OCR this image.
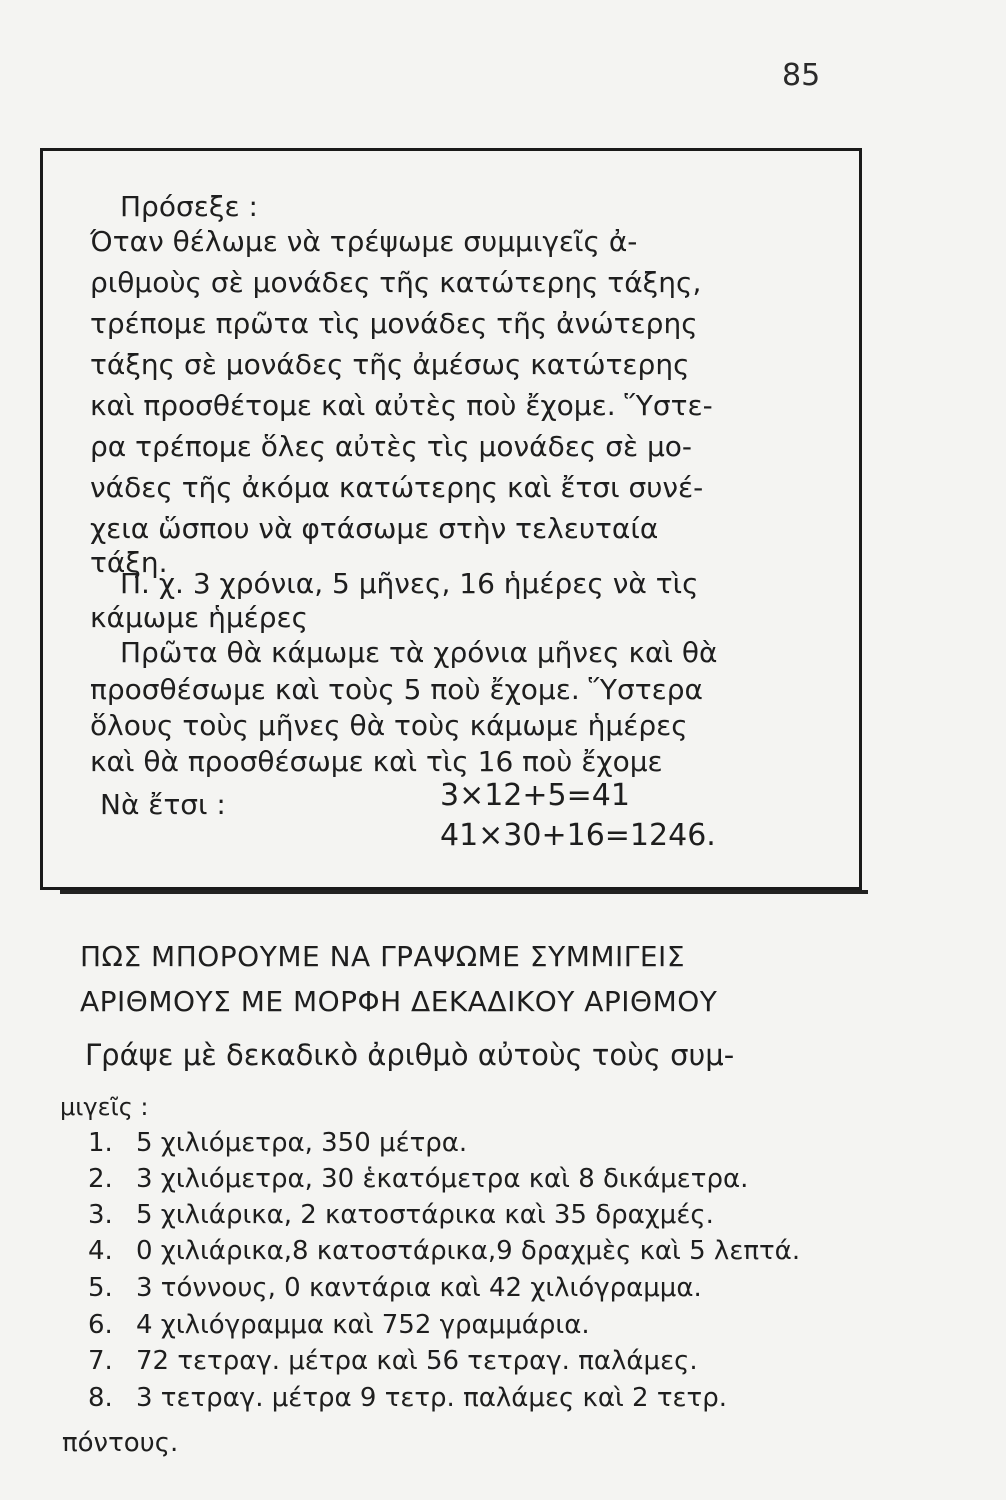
85
Πρόσεξε :
Όταν θέλωμε νὰ τρέψωμε συμμιγεῖς ἀ-
ριθμοὺς σὲ μονάδες τῆς κατώτερης τάξης,
τρέπομε πρῶτα τὶς μονάδες τῆς ἀνώτερης
τάξης σὲ μονάδες τῆς ἀμέσως κατώτερης
καὶ προσθέτομε καὶ αὐτὲς ποὺ ἔχομε. Ὕστε-
ρα τρέπομε ὅλες αὐτὲς τὶς μονάδες σὲ μο-
νάδες τῆς ἀκόμα κατώτερης καὶ ἔτσι συνέ-
χεια ὥσπου νὰ φτάσωμε στὴν τελευταία
τάξη.
Π. χ. 3 χρόνια, 5 μῆνες, 16 ἡμέρες νὰ τὶς
κάμωμε ἡμέρες
Πρῶτα θὰ κάμωμε τὰ χρόνια μῆνες καὶ θὰ
προσθέσωμε καὶ τοὺς 5 ποὺ ἔχομε. Ὕστερα
ὅλους τοὺς μῆνες θὰ τοὺς κάμωμε ἡμέρες
καὶ θὰ προσθέσωμε καὶ τὶς 16 ποὺ ἔχομε
Νὰ ἔτσι :	3×12+5=41
41×30+16=1246.
ΠΩΣ ΜΠΟΡΟΥΜΕ ΝΑ ΓΡΑΨΩΜΕ ΣΥΜΜΙΓΕΙΣ
ΑΡΙΘΜΟΥΣ ΜΕ ΜΟΡΦΗ ΔΕΚΑΔΙΚΟΥ ΑΡΙΘΜΟΥ
Γράψε μὲ δεκαδικὸ ἀριθμὸ αὐτοὺς τοὺς συμ-
μιγεῖς :
1. 5 χιλιόμετρα, 350 μέτρα.
2. 3 χιλιόμετρα, 30 ἑκατόμετρα καὶ 8 δικάμετρα.
3. 5 χιλιάρικα, 2 κατοστάρικα καὶ 35 δραχμές.
4. 0 χιλιάρικα,8 κατοστάρικα,9 δραχμὲς καὶ 5 λεπτά.
5. 3 τόννους, 0 καντάρια καὶ 42 χιλιόγραμμα.
6. 4 χιλιόγραμμα καὶ 752 γραμμάρια.
7. 72 τετραγ. μέτρα καὶ 56 τετραγ. παλάμες.
8. 3 τετραγ. μέτρα 9 τετρ. παλάμες καὶ 2 τετρ.
πόντους.
